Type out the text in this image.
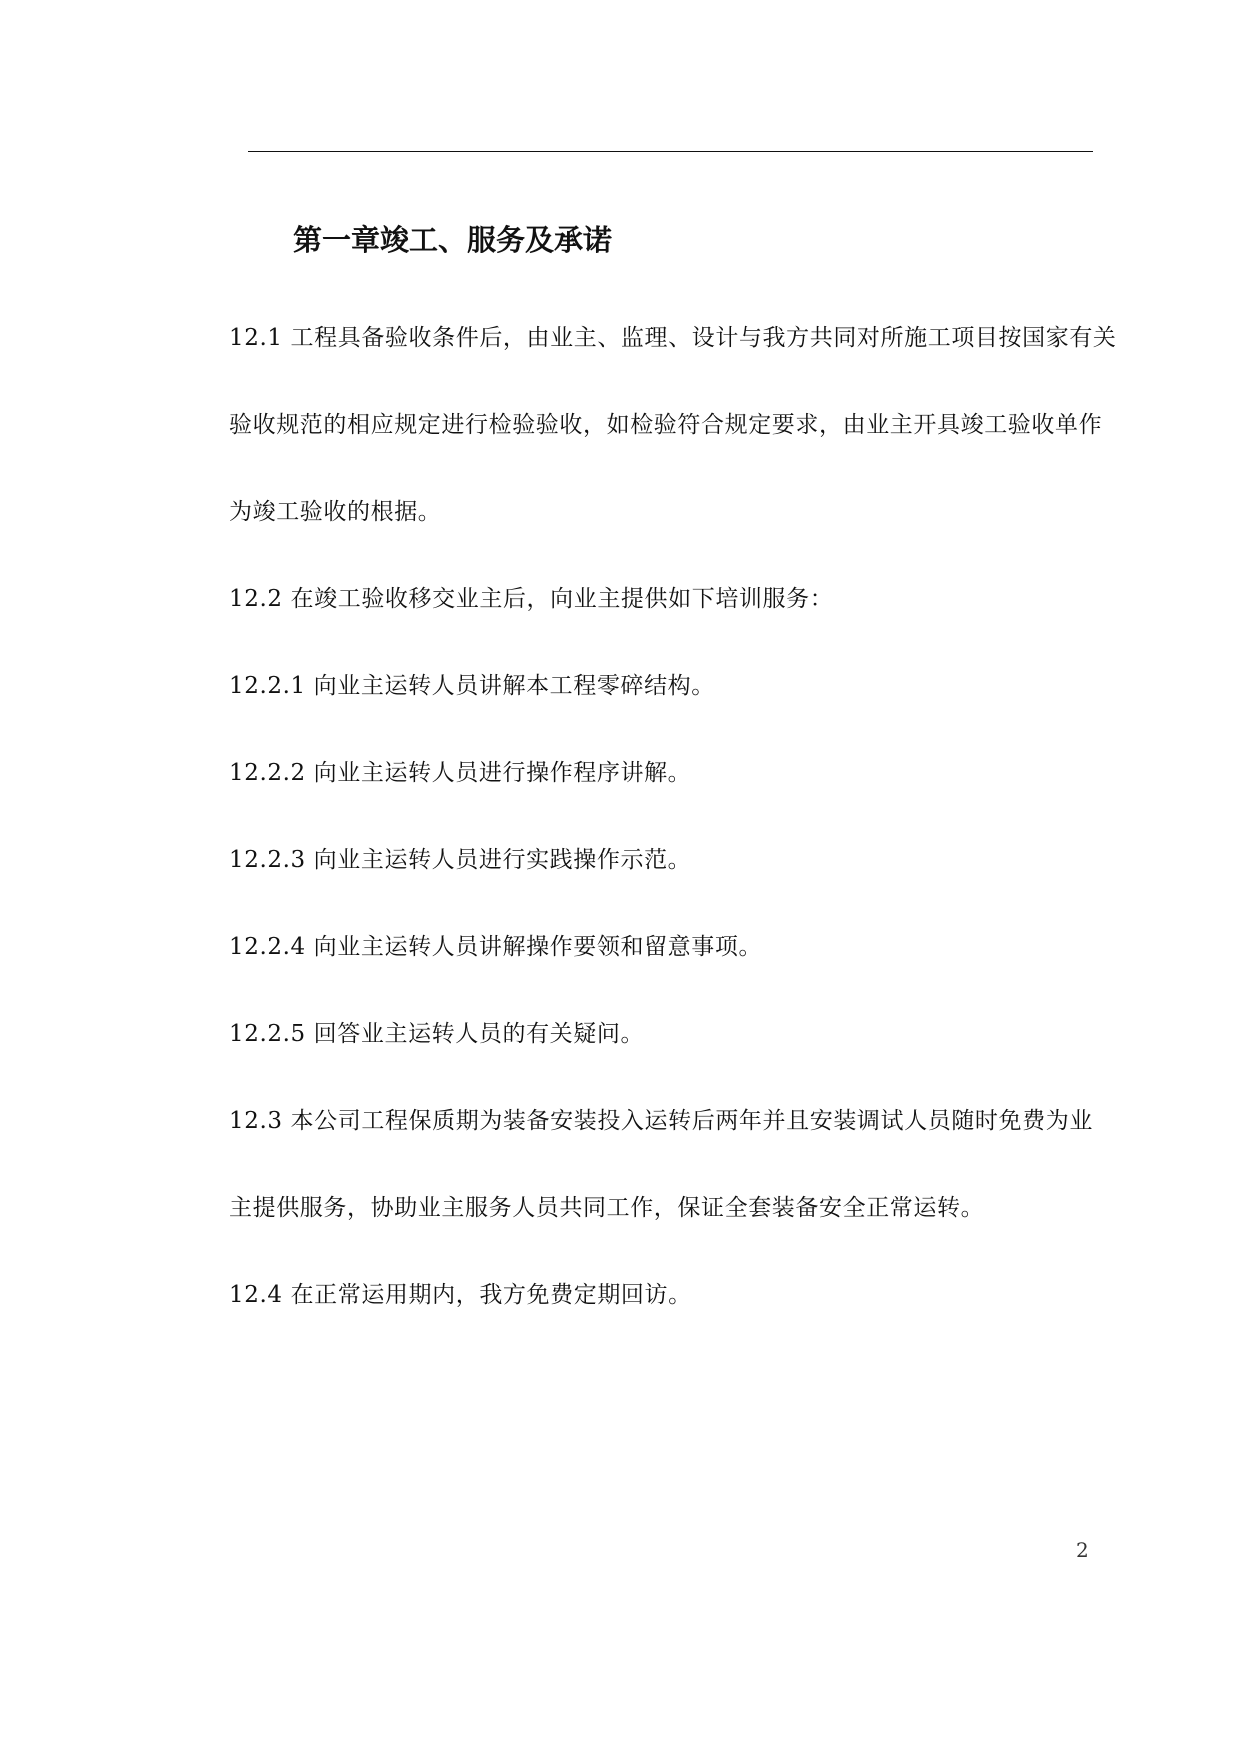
第一章竣工、服务及承诺

12.1 工程具备验收条件后，由业主、监理、设计与我方共同对所施工项目按国家有关

验收规范的相应规定进行检验验收，如检验符合规定要求，由业主开具竣工验收单作

为竣工验收的根据。

12.2 在竣工验收移交业主后，向业主提供如下培训服务：

12.2.1 向业主运转人员讲解本工程零碎结构。

12.2.2 向业主运转人员进行操作程序讲解。

12.2.3 向业主运转人员进行实践操作示范。

12.2.4 向业主运转人员讲解操作要领和留意事项。

12.2.5 回答业主运转人员的有关疑问。

12.3 本公司工程保质期为装备安装投入运转后两年并且安装调试人员随时免费为业

主提供服务，协助业主服务人员共同工作，保证全套装备安全正常运转。

12.4 在正常运用期内，我方免费定期回访。

2
